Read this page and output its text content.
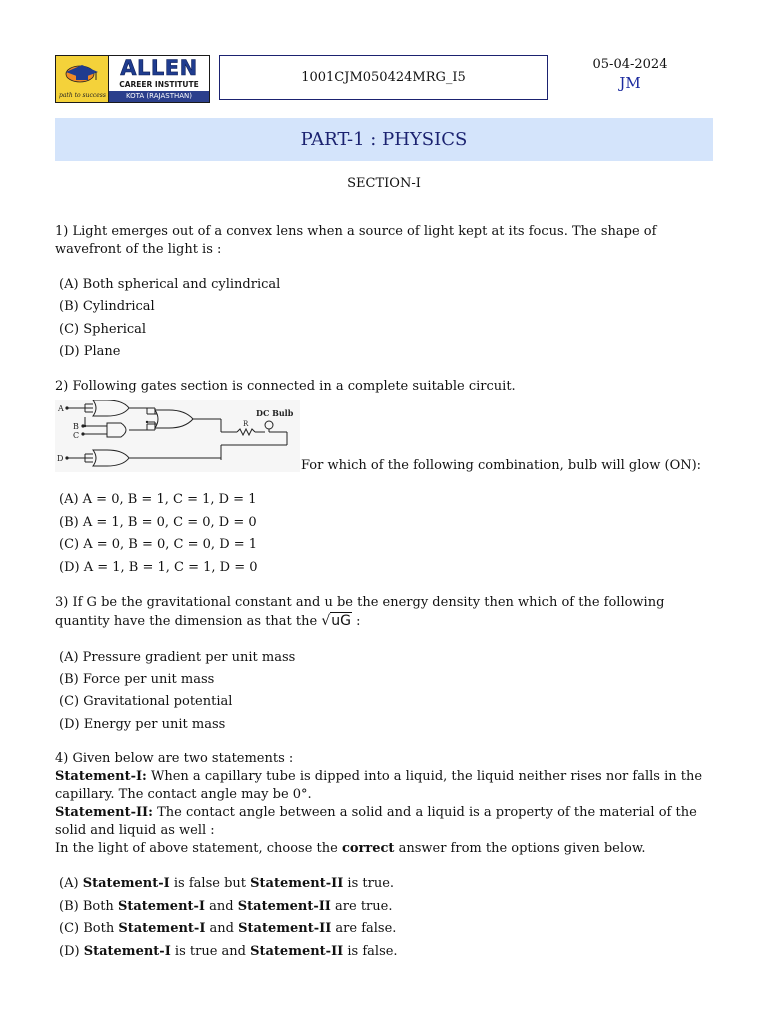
path to success
ALLEN
CAREER INSTITUTE
KOTA (RAJASTHAN)
1001CJM050424MRG_I5
05-04-2024
JM
PART-1 : PHYSICS
SECTION-I
1) Light emerges out of a convex lens when a source of light kept at its focus. The shape of wavefront of the light is :
(A) Both spherical and cylindrical
(B) Cylindrical
(C) Spherical
(D) Plane
2) Following gates section is connected in a complete suitable circuit.
A
B
C
D
R
DC Bulb
For which of the following combination, bulb will glow (ON):
(A) A = 0, B = 1, C = 1, D = 1
(B) A = 1, B = 0, C = 0, D = 0
(C) A = 0, B = 0, C = 0, D = 1
(D) A = 1, B = 1, C = 1, D = 0
3) If G be the gravitational constant and u be the energy density then which of the following quantity have the dimension as that the √uG :
(A) Pressure gradient per unit mass
(B) Force per unit mass
(C) Gravitational potential
(D) Energy per unit mass
4) Given below are two statements :
Statement-I: When a capillary tube is dipped into a liquid, the liquid neither rises nor falls in the capillary. The contact angle may be 0°.
Statement-II: The contact angle between a solid and a liquid is a property of the material of the solid and liquid as well :
In the light of above statement, choose the correct answer from the options given below.
(A) Statement-I is false but Statement-II is true.
(B) Both Statement-I and Statement-II are true.
(C) Both Statement-I and Statement-II are false.
(D) Statement-I is true and Statement-II is false.
